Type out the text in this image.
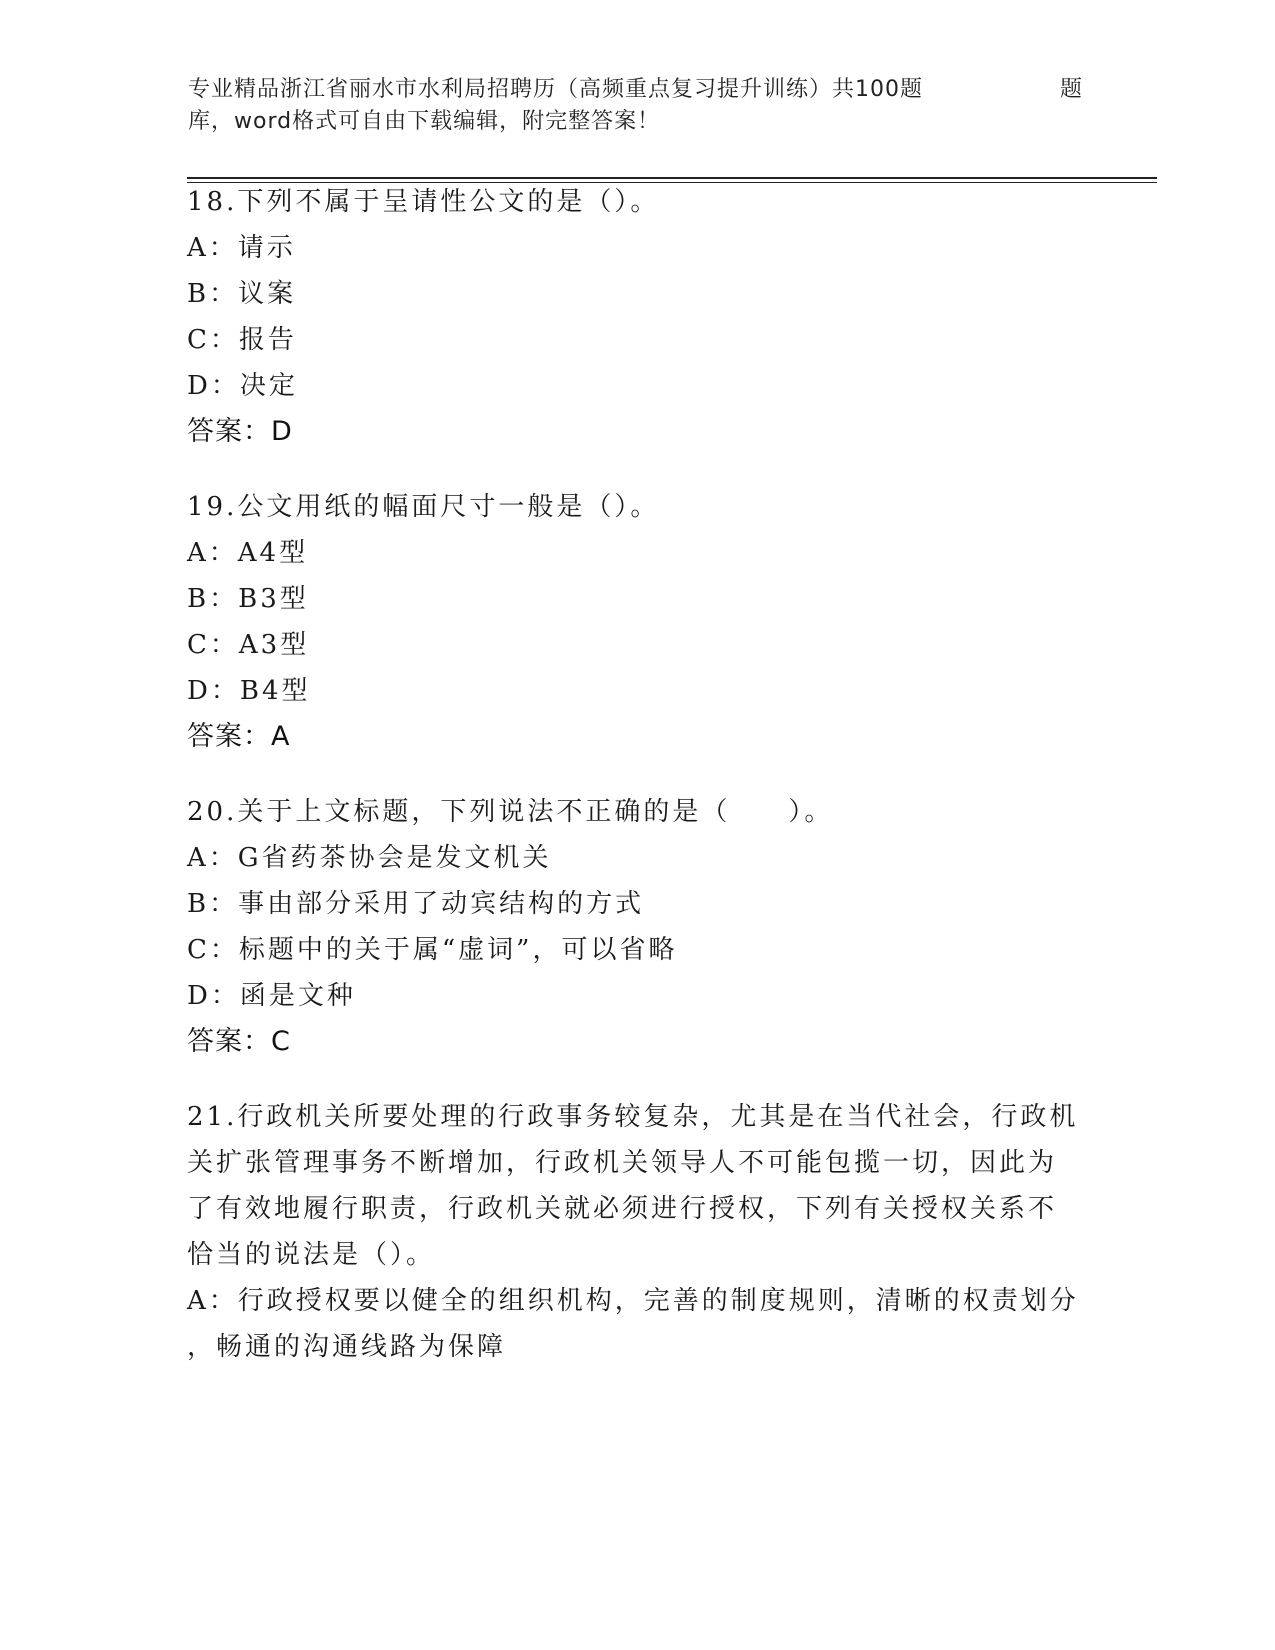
专业精品浙江省丽水市水利局招聘历（高频重点复习提升训练）共100题	题
库，word格式可自由下载编辑，附完整答案！
18.下列不属于呈请性公文的是（）。
A：请示
B：议案
C：报告
D：决定
答案：D
19.公文用纸的幅面尺寸一般是（）。
A：A4型
B：B3型
C：A3型
D：B4型
答案：A
20.关于上文标题，下列说法不正确的是（　　）。
A：G省药茶协会是发文机关
B：事由部分采用了动宾结构的方式
C：标题中的关于属“虚词”，可以省略
D：函是文种
答案：C
21.行政机关所要处理的行政事务较复杂，尤其是在当代社会，行政机
关扩张管理事务不断增加，行政机关领导人不可能包揽一切，因此为
了有效地履行职责，行政机关就必须进行授权，下列有关授权关系不
恰当的说法是（）。
A：行政授权要以健全的组织机构，完善的制度规则，清晰的权责划分
，畅通的沟通线路为保障
